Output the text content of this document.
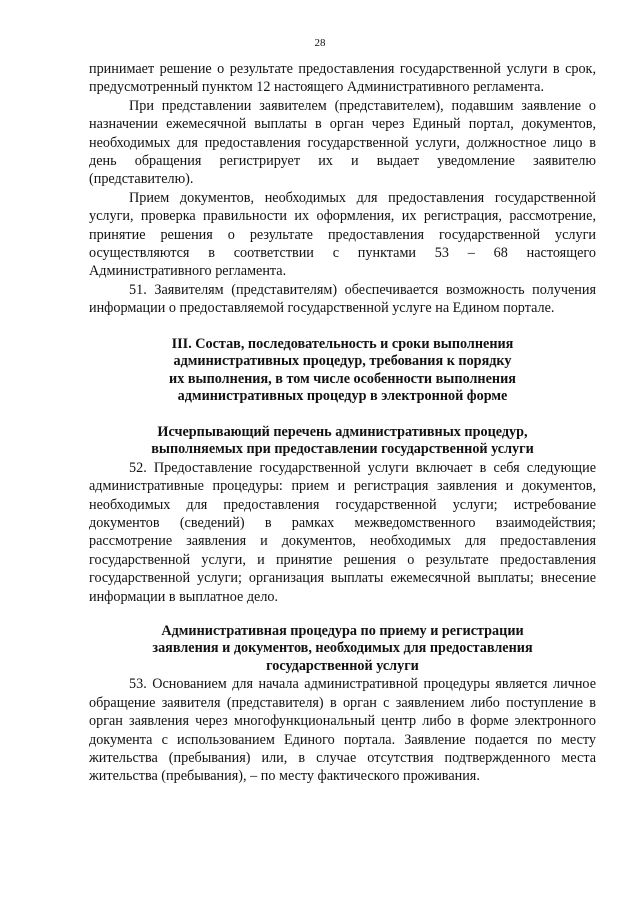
28

принимает решение о результате предоставления государственной услуги в срок, предусмотренный пунктом 12 настоящего Административного регламента.

При представлении заявителем (представителем), подавшим заявление о назначении ежемесячной выплаты в орган через Единый портал, документов, необходимых для предоставления государственной услуги, должностное лицо в день обращения регистрирует их и выдает уведомление заявителю (представителю).

Прием документов, необходимых для предоставления государственной услуги, проверка правильности их оформления, их регистрация, рассмотрение, принятие решения о результате предоставления государственной услуги осуществляются в соответствии с пунктами 53 – 68 настоящего Административного регламента.

51. Заявителям (представителям) обеспечивается возможность получения информации о предоставляемой государственной услуге на Едином портале.

III. Состав, последовательность и сроки выполнения
административных процедур, требования к порядку
их выполнения, в том числе особенности выполнения
административных процедур в электронной форме
Исчерпывающий перечень административных процедур,
выполняемых при предоставлении государственной услуги

52. Предоставление государственной услуги включает в себя следующие административные процедуры: прием и регистрация заявления и документов, необходимых для предоставления государственной услуги; истребование документов (сведений) в рамках межведомственного взаимодействия; рассмотрение заявления и документов, необходимых для предоставления государственной услуги, и принятие решения о результате предоставления государственной услуги; организация выплаты ежемесячной выплаты; внесение информации в выплатное дело.

Административная процедура по приему и регистрации
заявления и документов, необходимых для предоставления
государственной услуги

53. Основанием для начала административной процедуры является личное обращение заявителя (представителя) в орган с заявлением либо поступление в орган заявления через многофункциональный центр либо в форме электронного документа с использованием Единого портала. Заявление подается по месту жительства (пребывания) или, в случае отсутствия подтвержденного места жительства (пребывания), – по месту фактического проживания.
